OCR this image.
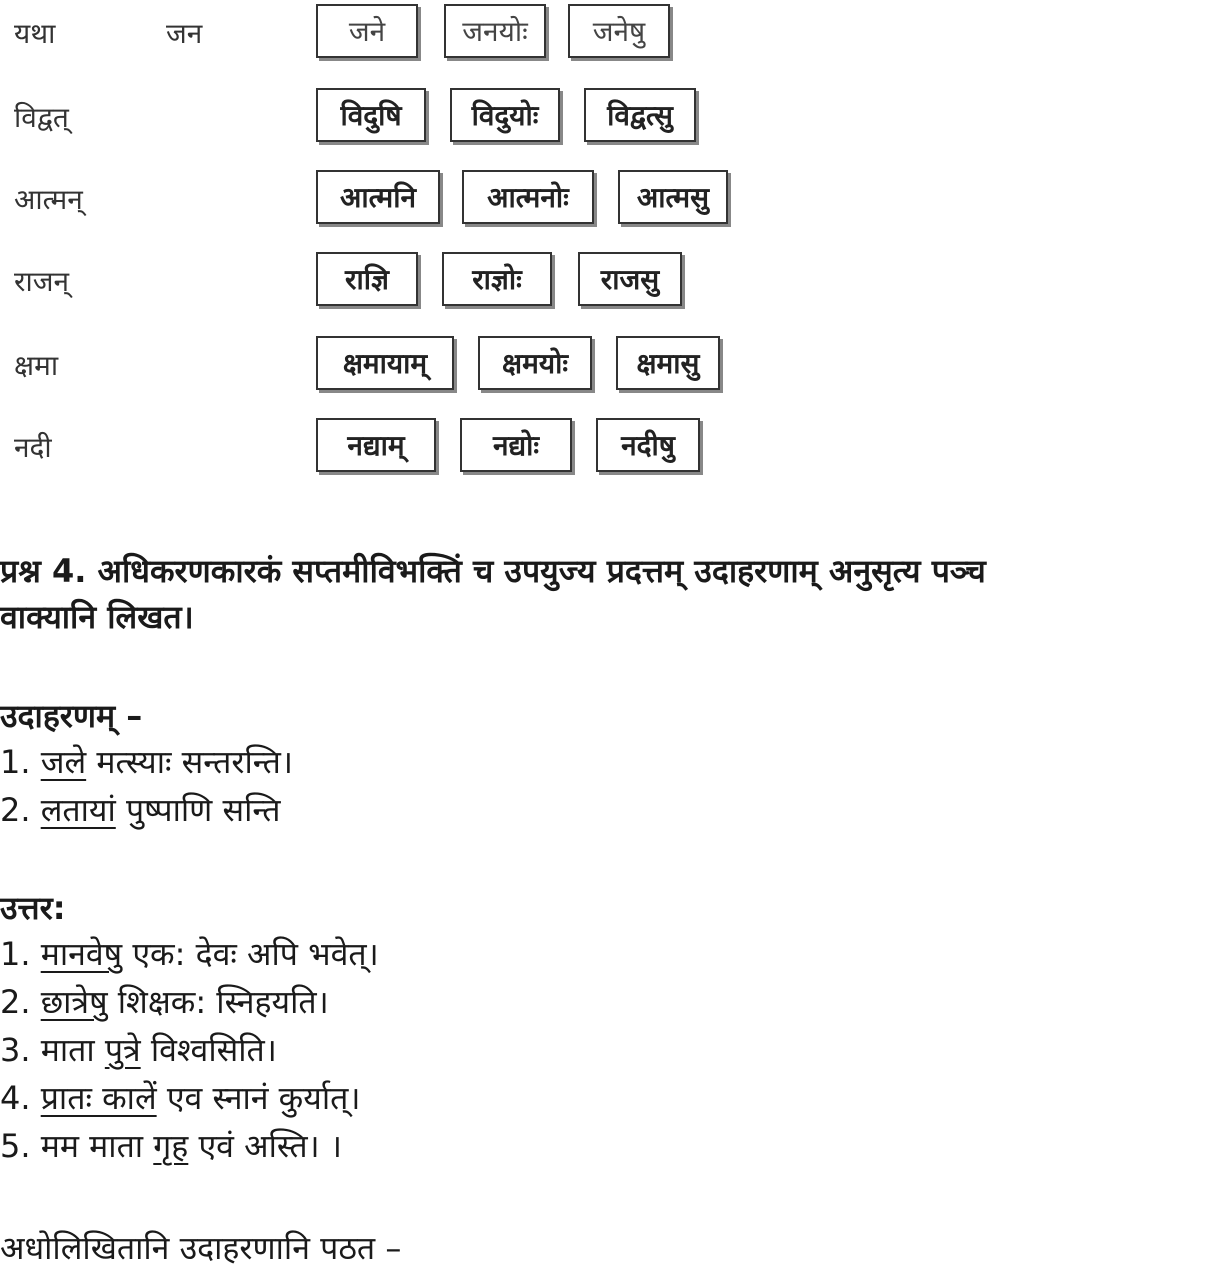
यथा	जन	जने	जनयोः	जनेषु
विद्वत्	विदुषि	विदुयोः	विद्वत्सु
आत्मन्	आत्मनि	आत्मनोः	आत्मसु
राजन्	राज्ञि	राज्ञोः	राजसु
क्षमा	क्षमायाम्	क्षमयोः	क्षमासु
नदी	नद्याम्	नद्योः	नदीषु
प्रश्न 4. अधिकरणकारकं सप्तमीविभक्तिं च उपयुज्य प्रदत्तम् उदाहरणाम् अनुसृत्य पञ्च
वाक्यानि लिखत।
उदाहरणम् –
1. जले मत्स्याः सन्तरन्ति।
2. लतायां पुष्पाणि सन्ति
उत्तर:
1. मानवेषु एक: देवः अपि भवेत्।
2. छात्रेषु शिक्षक: स्निहयति।
3. माता पुत्रे विश्वसिति।
4. प्रातः कालें एव स्नानं कुर्यात्।
5. मम माता गृह एवं अस्ति। ।
अधोलिखितानि उदाहरणानि पठत –
